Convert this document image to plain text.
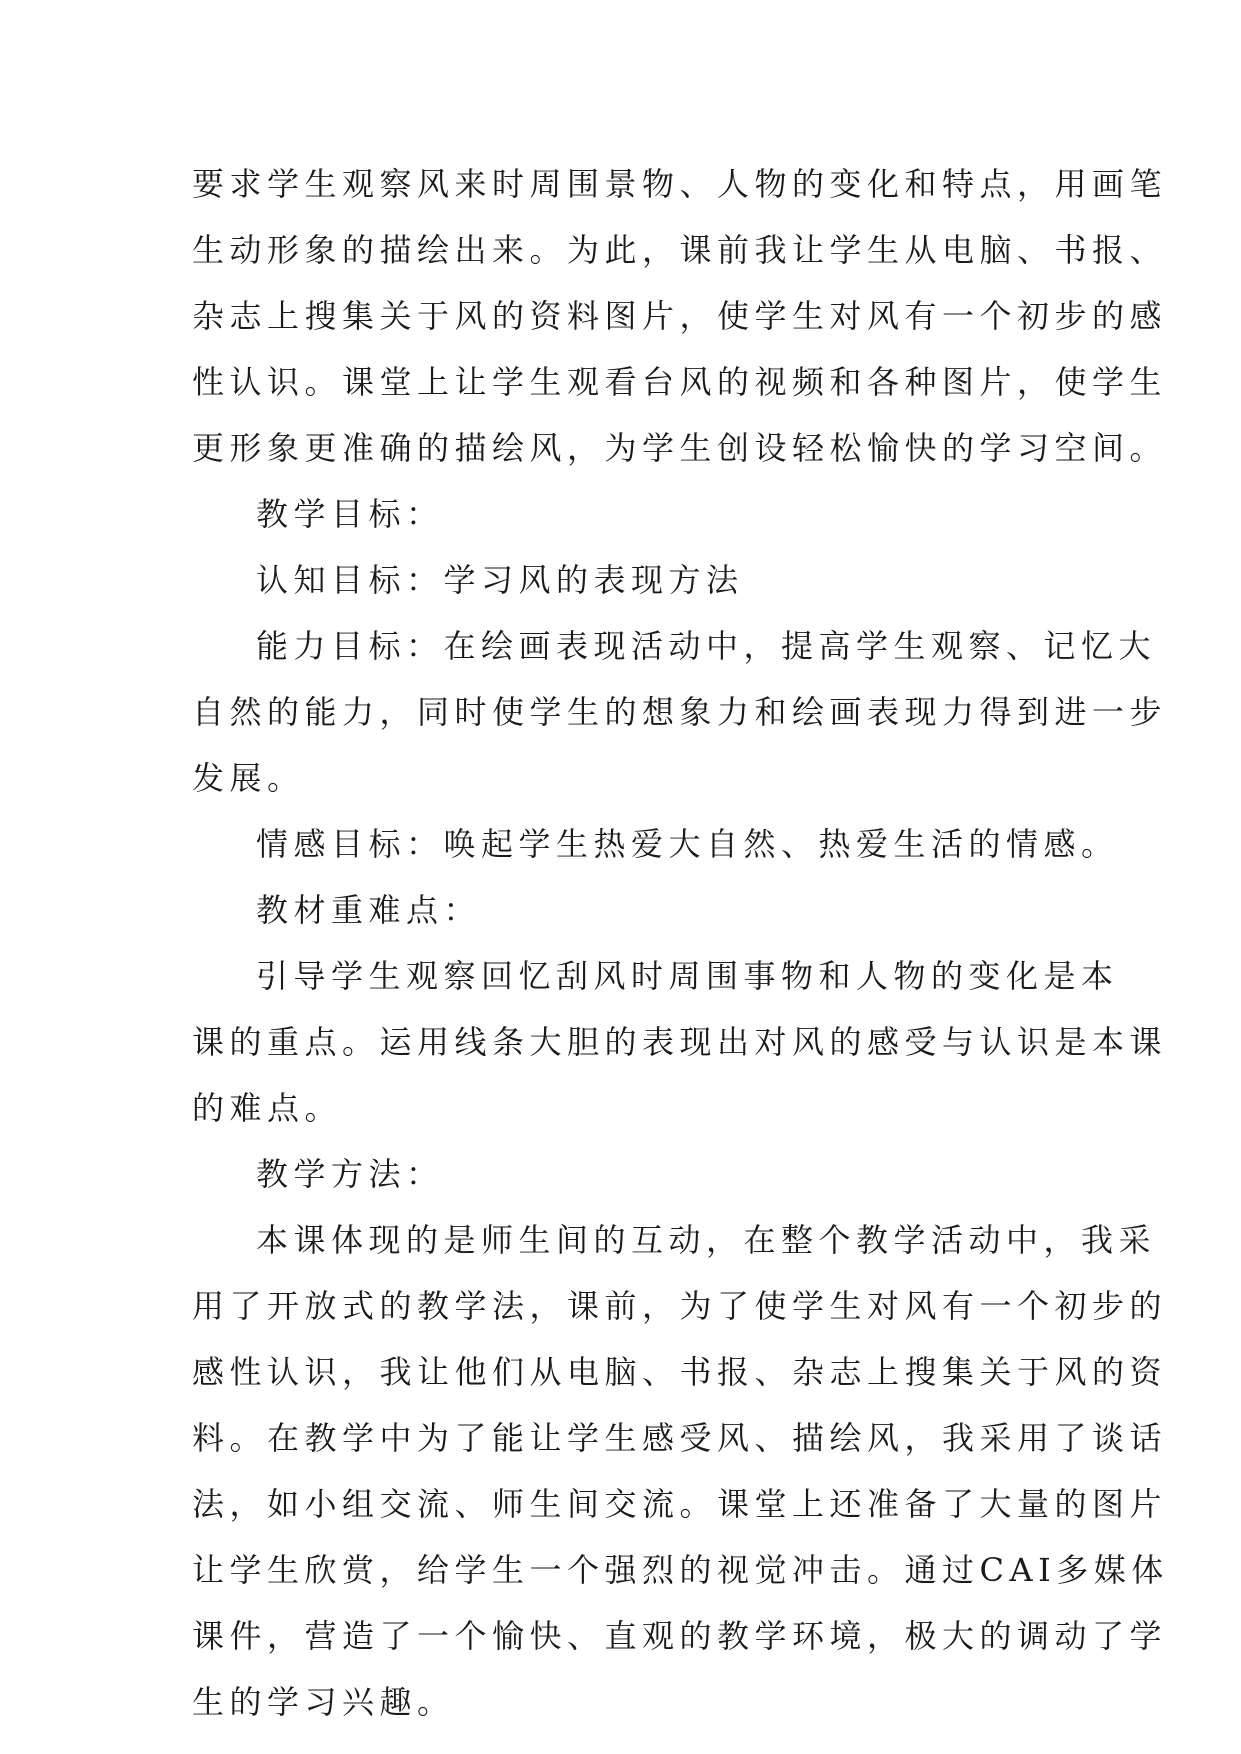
要求学生观察风来时周围景物、人物的变化和特点，用画笔
生动形象的描绘出来。为此，课前我让学生从电脑、书报、
杂志上搜集关于风的资料图片，使学生对风有一个初步的感
性认识。课堂上让学生观看台风的视频和各种图片，使学生
更形象更准确的描绘风，为学生创设轻松愉快的学习空间。
教学目标：
认知目标：学习风的表现方法
能力目标：在绘画表现活动中，提高学生观察、记忆大
自然的能力，同时使学生的想象力和绘画表现力得到进一步
发展。
情感目标：唤起学生热爱大自然、热爱生活的情感。
教材重难点：
引导学生观察回忆刮风时周围事物和人物的变化是本
课的重点。运用线条大胆的表现出对风的感受与认识是本课
的难点。
教学方法：
本课体现的是师生间的互动，在整个教学活动中，我采
用了开放式的教学法，课前，为了使学生对风有一个初步的
感性认识，我让他们从电脑、书报、杂志上搜集关于风的资
料。在教学中为了能让学生感受风、描绘风，我采用了谈话
法，如小组交流、师生间交流。课堂上还准备了大量的图片
让学生欣赏，给学生一个强烈的视觉冲击。通过CAI多媒体
课件，营造了一个愉快、直观的教学环境，极大的调动了学
生的学习兴趣。
